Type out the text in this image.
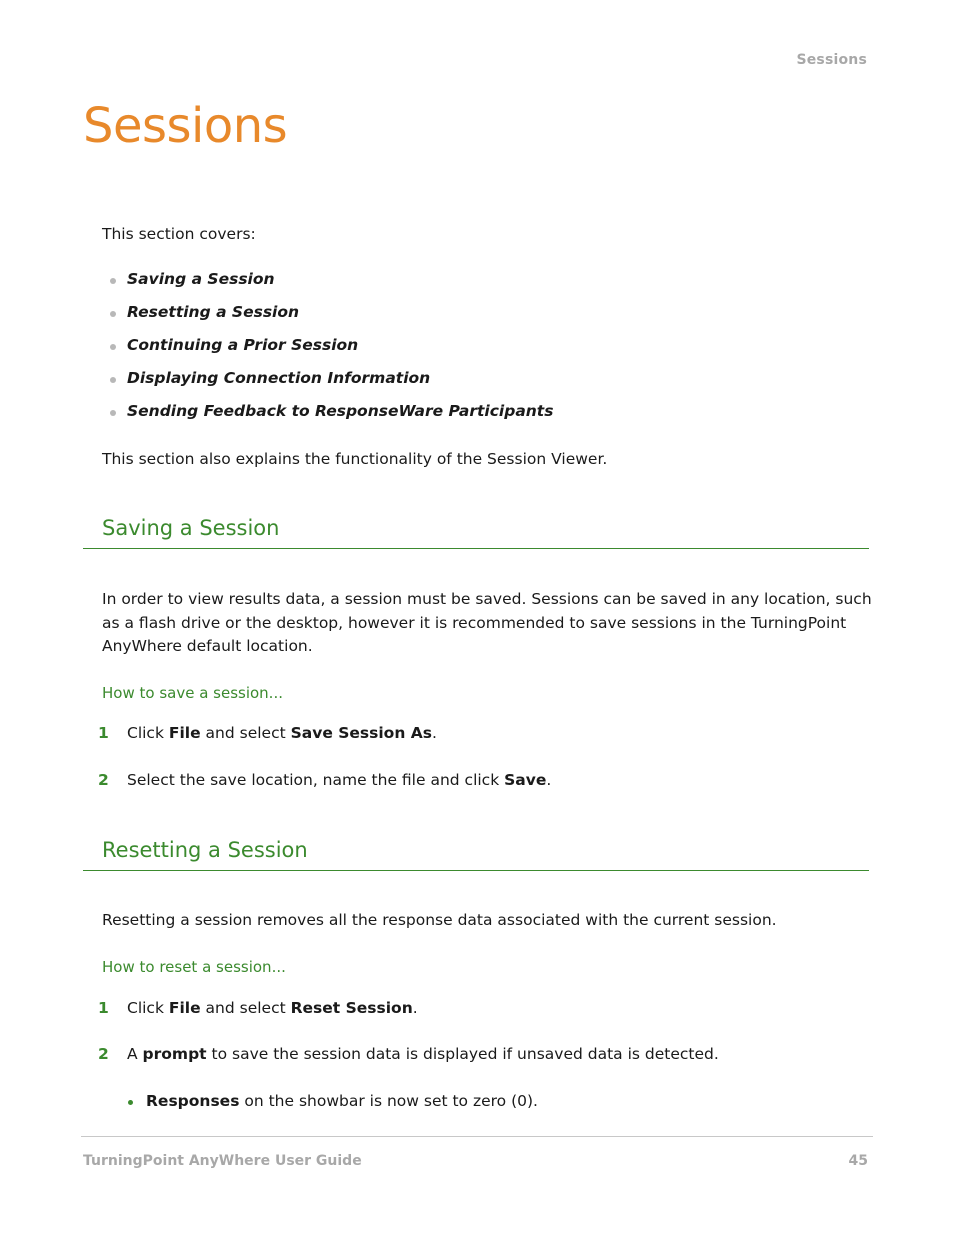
Sessions
Sessions
This section covers:
Saving a Session
Resetting a Session
Continuing a Prior Session
Displaying Connection Information
Sending Feedback to ResponseWare Participants
This section also explains the functionality of the Session Viewer.
Saving a Session
In order to view results data, a session must be saved. Sessions can be saved in any location, such as a flash drive or the desktop, however it is recommended to save sessions in the TurningPoint AnyWhere default location.
How to save a session...
1	Click File and select Save Session As.
2	Select the save location, name the file and click Save.
Resetting a Session
Resetting a session removes all the response data associated with the current session.
How to reset a session...
1	Click File and select Reset Session.
2	A prompt to save the session data is displayed if unsaved data is detected.
Responses on the showbar is now set to zero (0).
TurningPoint AnyWhere User Guide	45
